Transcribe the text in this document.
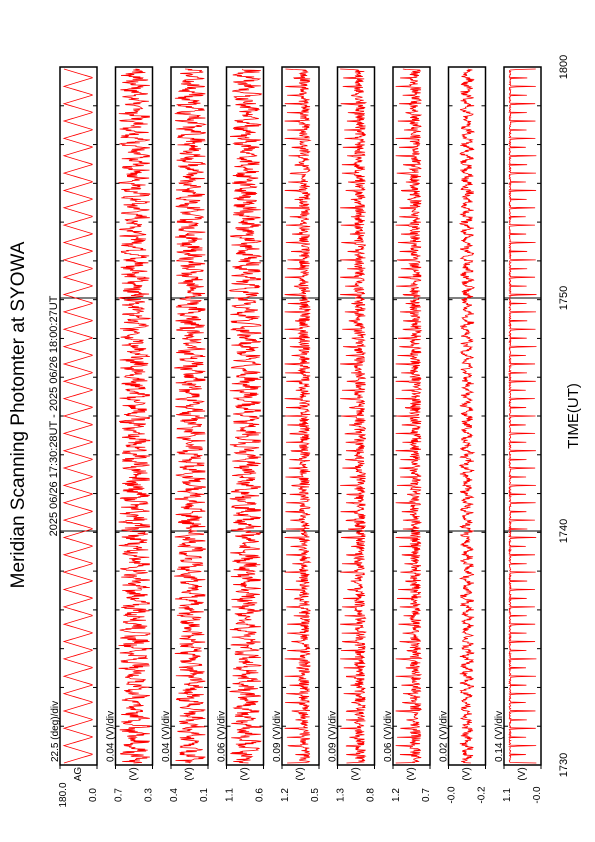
Meridian Scanning Photomter at SYOWA 2025 06/26 17:30:28UT - 2025 06/26 18:00:27UT	TIME(UT)
1730
1740
1750
1800
180.0 0.0
AG
22.5 (deg)/div
0.7 0.3
(V)
0.04 (V)/div
0.4 0.1
(V)
0.04 (V)/div
1.1 0.6
(V)
0.06 (V)/div
1.2 0.5
(V)
0.09 (V)/div
1.3 0.8
(V)
0.09 (V)/div
1.2 0.7
(V)
0.06 (V)/div
-0.0 -0.2
(V)
0.02 (V)/div
1.1 -0.0
(V)
0.14 (V)/div
